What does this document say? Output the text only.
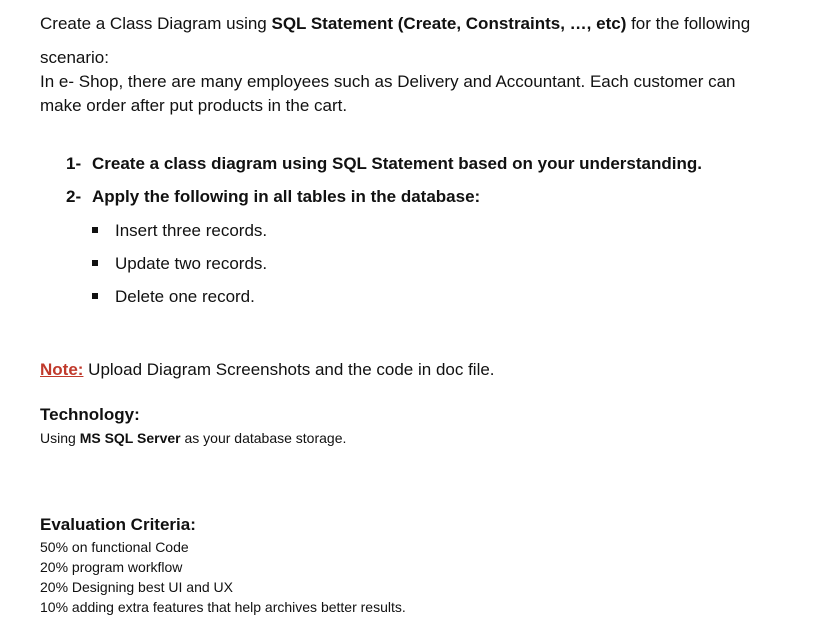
Create a Class Diagram using SQL Statement (Create, Constraints, …, etc) for the following
scenario:
In e- Shop, there are many employees such as Delivery and Accountant. Each customer can
make order after put products in the cart.
1- Create a class diagram using SQL Statement based on your understanding.
2- Apply the following in all tables in the database:
Insert three records.
Update two records.
Delete one record.
Note: Upload Diagram Screenshots and the code in doc file.
Technology:
Using MS SQL Server as your database storage.
Evaluation Criteria:
50% on functional Code
20% program workflow
20% Designing best UI and UX
10% adding extra features that help archives better results.
